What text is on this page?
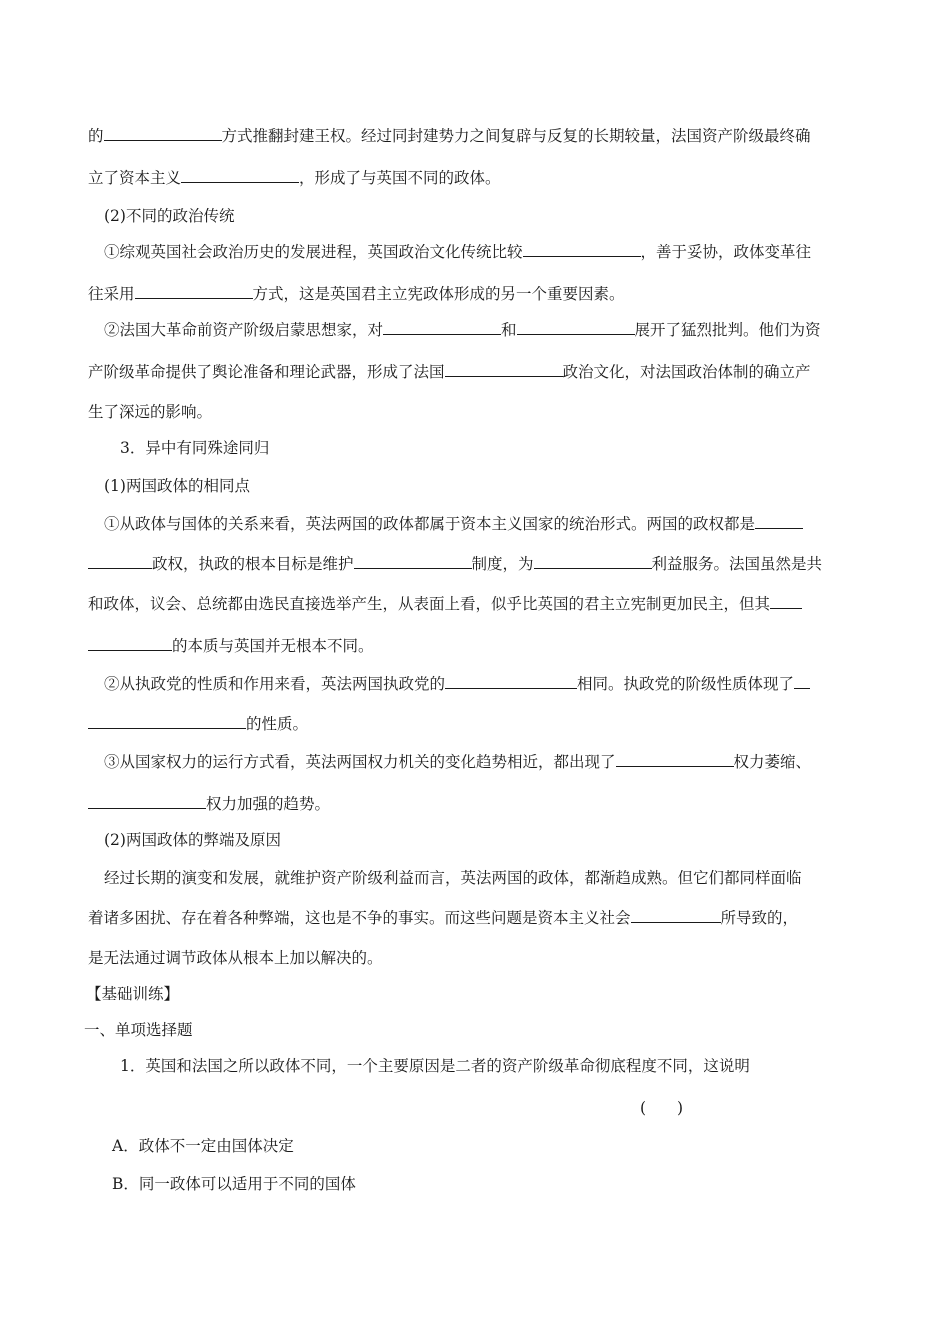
的	方式推翻封建王权。经过同封建势力之间复辟与反复的长期较量，法国资产阶级最终确
立了资本主义	，形成了与英国不同的政体。
(2)不同的政治传统
①综观英国社会政治历史的发展进程，英国政治文化传统比较	，善于妥协，政体变革往
往采用	方式，这是英国君主立宪政体形成的另一个重要因素。
②法国大革命前资产阶级启蒙思想家，对	和	展开了猛烈批判。他们为资
产阶级革命提供了舆论准备和理论武器，形成了法国	政治文化，对法国政治体制的确立产
生了深远的影响。
3．异中有同殊途同归
(1)两国政体的相同点
①从政体与国体的关系来看，英法两国的政体都属于资本主义国家的统治形式。两国的政权都是
政权，执政的根本目标是维护	制度，为	利益服务。法国虽然是共
和政体，议会、总统都由选民直接选举产生，从表面上看，似乎比英国的君主立宪制更加民主，但其
的本质与英国并无根本不同。
②从执政党的性质和作用来看，英法两国执政党的	相同。执政党的阶级性质体现了
的性质。
③从国家权力的运行方式看，英法两国权力机关的变化趋势相近，都出现了	权力萎缩、
权力加强的趋势。
(2)两国政体的弊端及原因
经过长期的演变和发展，就维护资产阶级利益而言，英法两国的政体，都渐趋成熟。但它们都同样面临
着诸多困扰、存在着各种弊端，这也是不争的事实。而这些问题是资本主义社会	所导致的，
是无法通过调节政体从根本上加以解决的。
【基础训练】
一、单项选择题
1．英国和法国之所以政体不同，一个主要原因是二者的资产阶级革命彻底程度不同，这说明
(　　)
A．政体不一定由国体决定
B．同一政体可以适用于不同的国体
